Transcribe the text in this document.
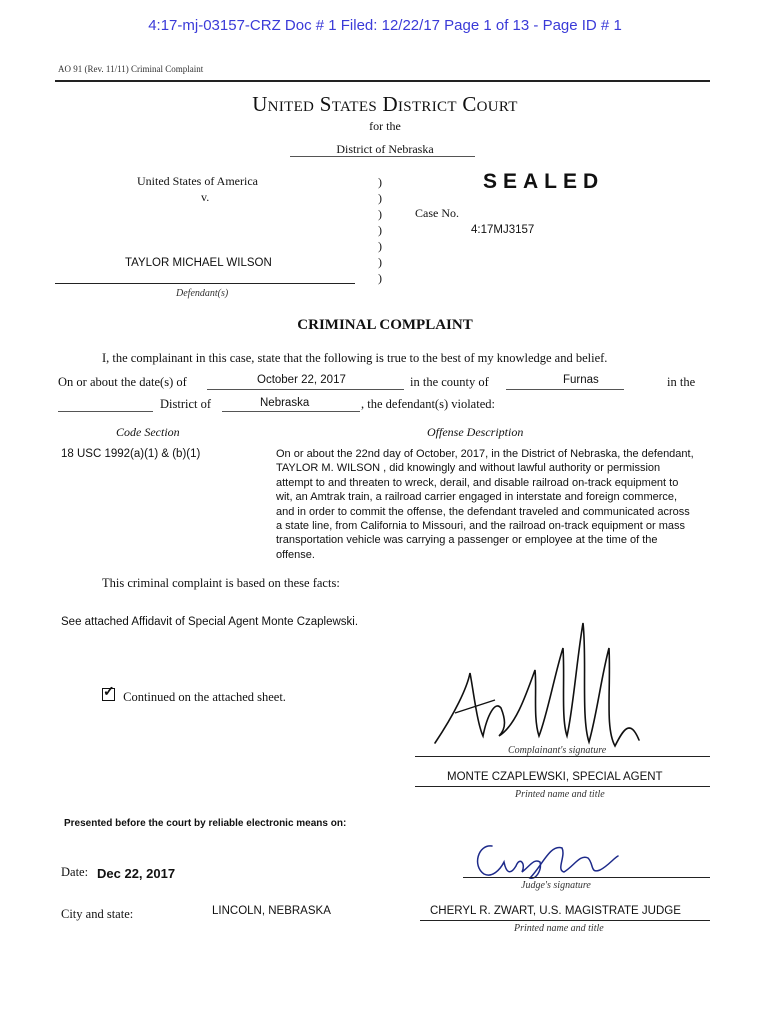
4:17-mj-03157-CRZ Doc # 1 Filed: 12/22/17 Page 1 of 13 - Page ID # 1
AO 91 (Rev. 11/11) Criminal Complaint
United States District Court
for the
District of Nebraska
United States of America
v.
TAYLOR MICHAEL WILSON
Defendant(s)
)
)
)
)
)
)
)
SEALED
Case No.
4:17MJ3157
CRIMINAL COMPLAINT
I, the complainant in this case, state that the following is true to the best of my knowledge and belief.
On or about the date(s) of	October 22, 2017	in the county of	Furnas	in the
District of	Nebraska	, the defendant(s) violated:
Code Section	Offense Description
18 USC 1992(a)(1) & (b)(1)	On or about the 22nd day of October, 2017, in the District of Nebraska, the defendant, TAYLOR M. WILSON , did knowingly and without lawful authority or permission attempt to and threaten to wreck, derail, and disable railroad on-track equipment to wit, an Amtrak train, a railroad carrier engaged in interstate and foreign commerce, and in order to commit the offense, the defendant traveled and communicated across a state line, from California to Missouri, and the railroad on-track equipment or mass transportation vehicle was carrying a passenger or employee at the time of the offense.
This criminal complaint is based on these facts:
See attached Affidavit of Special Agent Monte Czaplewski.
✓ Continued on the attached sheet.
Complainant's signature
MONTE CZAPLEWSKI, SPECIAL AGENT
Printed name and title
Presented before the court by reliable electronic means on:
Date: Dec 22, 2017
Judge's signature
City and state:	LINCOLN, NEBRASKA	CHERYL R. ZWART, U.S. MAGISTRATE JUDGE
Printed name and title
